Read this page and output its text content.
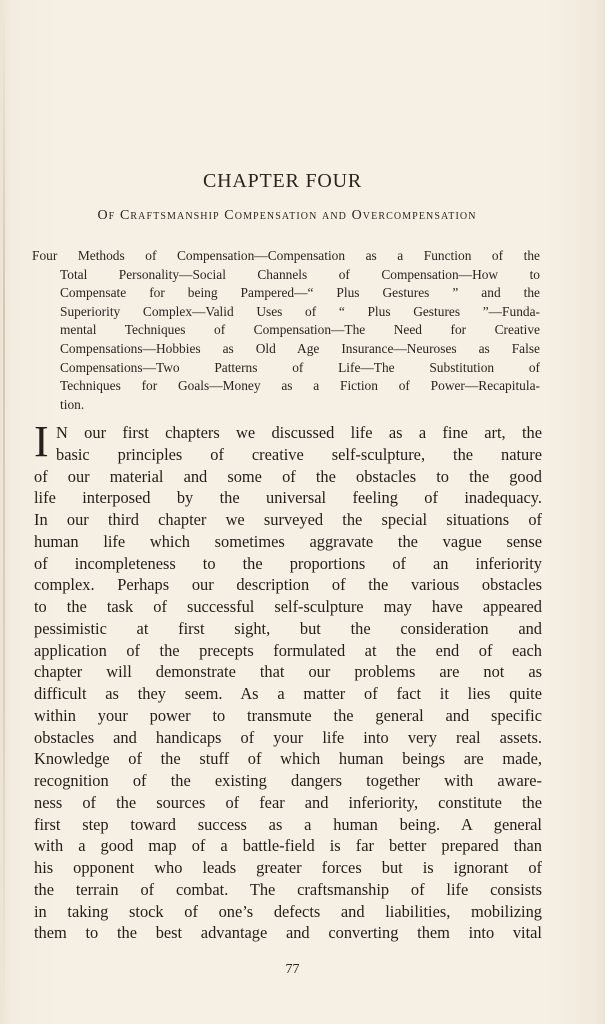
CHAPTER FOUR
Of Craftsmanship Compensation and Overcompensation
Four Methods of Compensation—Compensation as a Function of the
Total Personality—Social Channels of Compensation—How to
Compensate for being Pampered—“ Plus Gestures ” and the
Superiority Complex—Valid Uses of “ Plus Gestures ”—Funda-
mental Techniques of Compensation—The Need for Creative
Compensations—Hobbies as Old Age Insurance—Neuroses as False
Compensations—Two Patterns of Life—The Substitution of
Techniques for Goals—Money as a Fiction of Power—Recapitula-
tion.
I N our first chapters we discussed life as a fine art, the
basic principles of creative self-sculpture, the nature
of our material and some of the obstacles to the good
life interposed by the universal feeling of inadequacy.
In our third chapter we surveyed the special situations of
human life which sometimes aggravate the vague sense
of incompleteness to the proportions of an inferiority
complex. Perhaps our description of the various obstacles
to the task of successful self-sculpture may have appeared
pessimistic at first sight, but the consideration and
application of the precepts formulated at the end of each
chapter will demonstrate that our problems are not as
difficult as they seem. As a matter of fact it lies quite
within your power to transmute the general and specific
obstacles and handicaps of your life into very real assets.
Knowledge of the stuff of which human beings are made,
recognition of the existing dangers together with aware-
ness of the sources of fear and inferiority, constitute the
first step toward success as a human being. A general
with a good map of a battle-field is far better prepared than
his opponent who leads greater forces but is ignorant of
the terrain of combat. The craftsmanship of life consists
in taking stock of one’s defects and liabilities, mobilizing
them to the best advantage and converting them into vital
77
